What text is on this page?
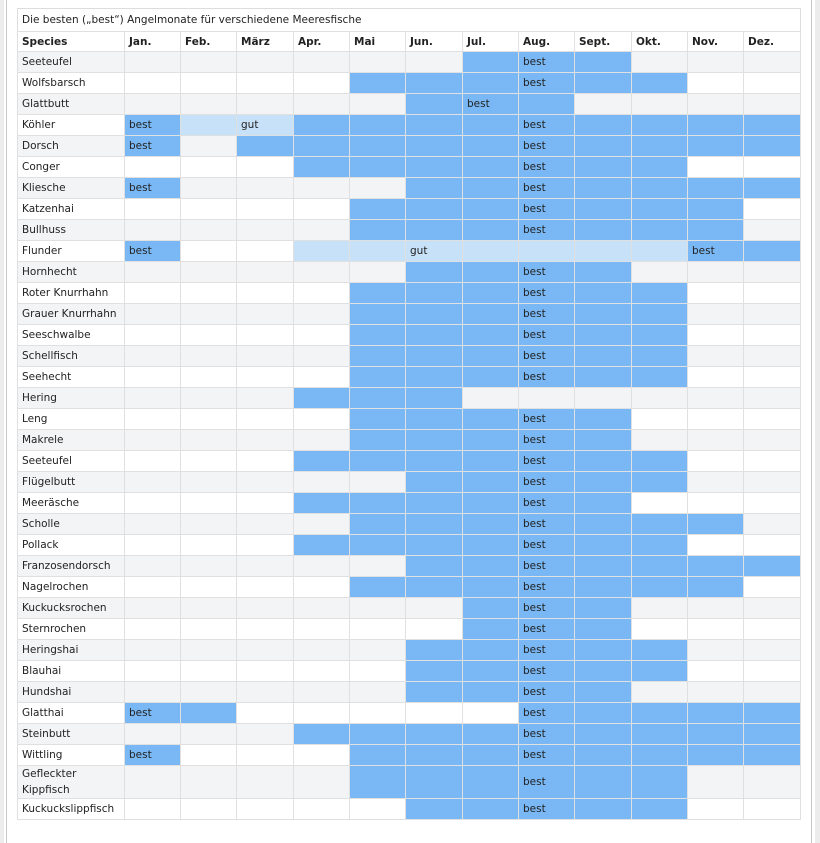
Die besten („best“) Angelmonate für verschiedene Meeresfische
Species	Jan.	Feb.	März	Apr.	Mai	Jun.	Jul.	Aug.	Sept.	Okt.	Nov.	Dez.
Seeteufel								best				
Wolfsbarsch								best				
Glattbutt							best					
Köhler	best		gut					best				
Dorsch	best							best				
Conger								best				
Kliesche	best							best				
Katzenhai								best				
Bullhuss								best				
Flunder	best					gut					best	
Hornhecht								best				
Roter Knurrhahn								best				
Grauer Knurrhahn								best				
Seeschwalbe								best				
Schellfisch								best				
Seehecht								best				
Hering												
Leng								best				
Makrele								best				
Seeteufel								best				
Flügelbutt								best				
Meeräsche								best				
Scholle								best				
Pollack								best				
Franzosendorsch								best				
Nagelrochen								best				
Kuckucksrochen								best				
Sternrochen								best				
Heringshai								best				
Blauhai								best				
Hundshai								best				
Glatthai	best							best				
Steinbutt								best				
Wittling	best							best				
Gefleckter Kippfisch								best				
Kuckuckslippfisch								best				
